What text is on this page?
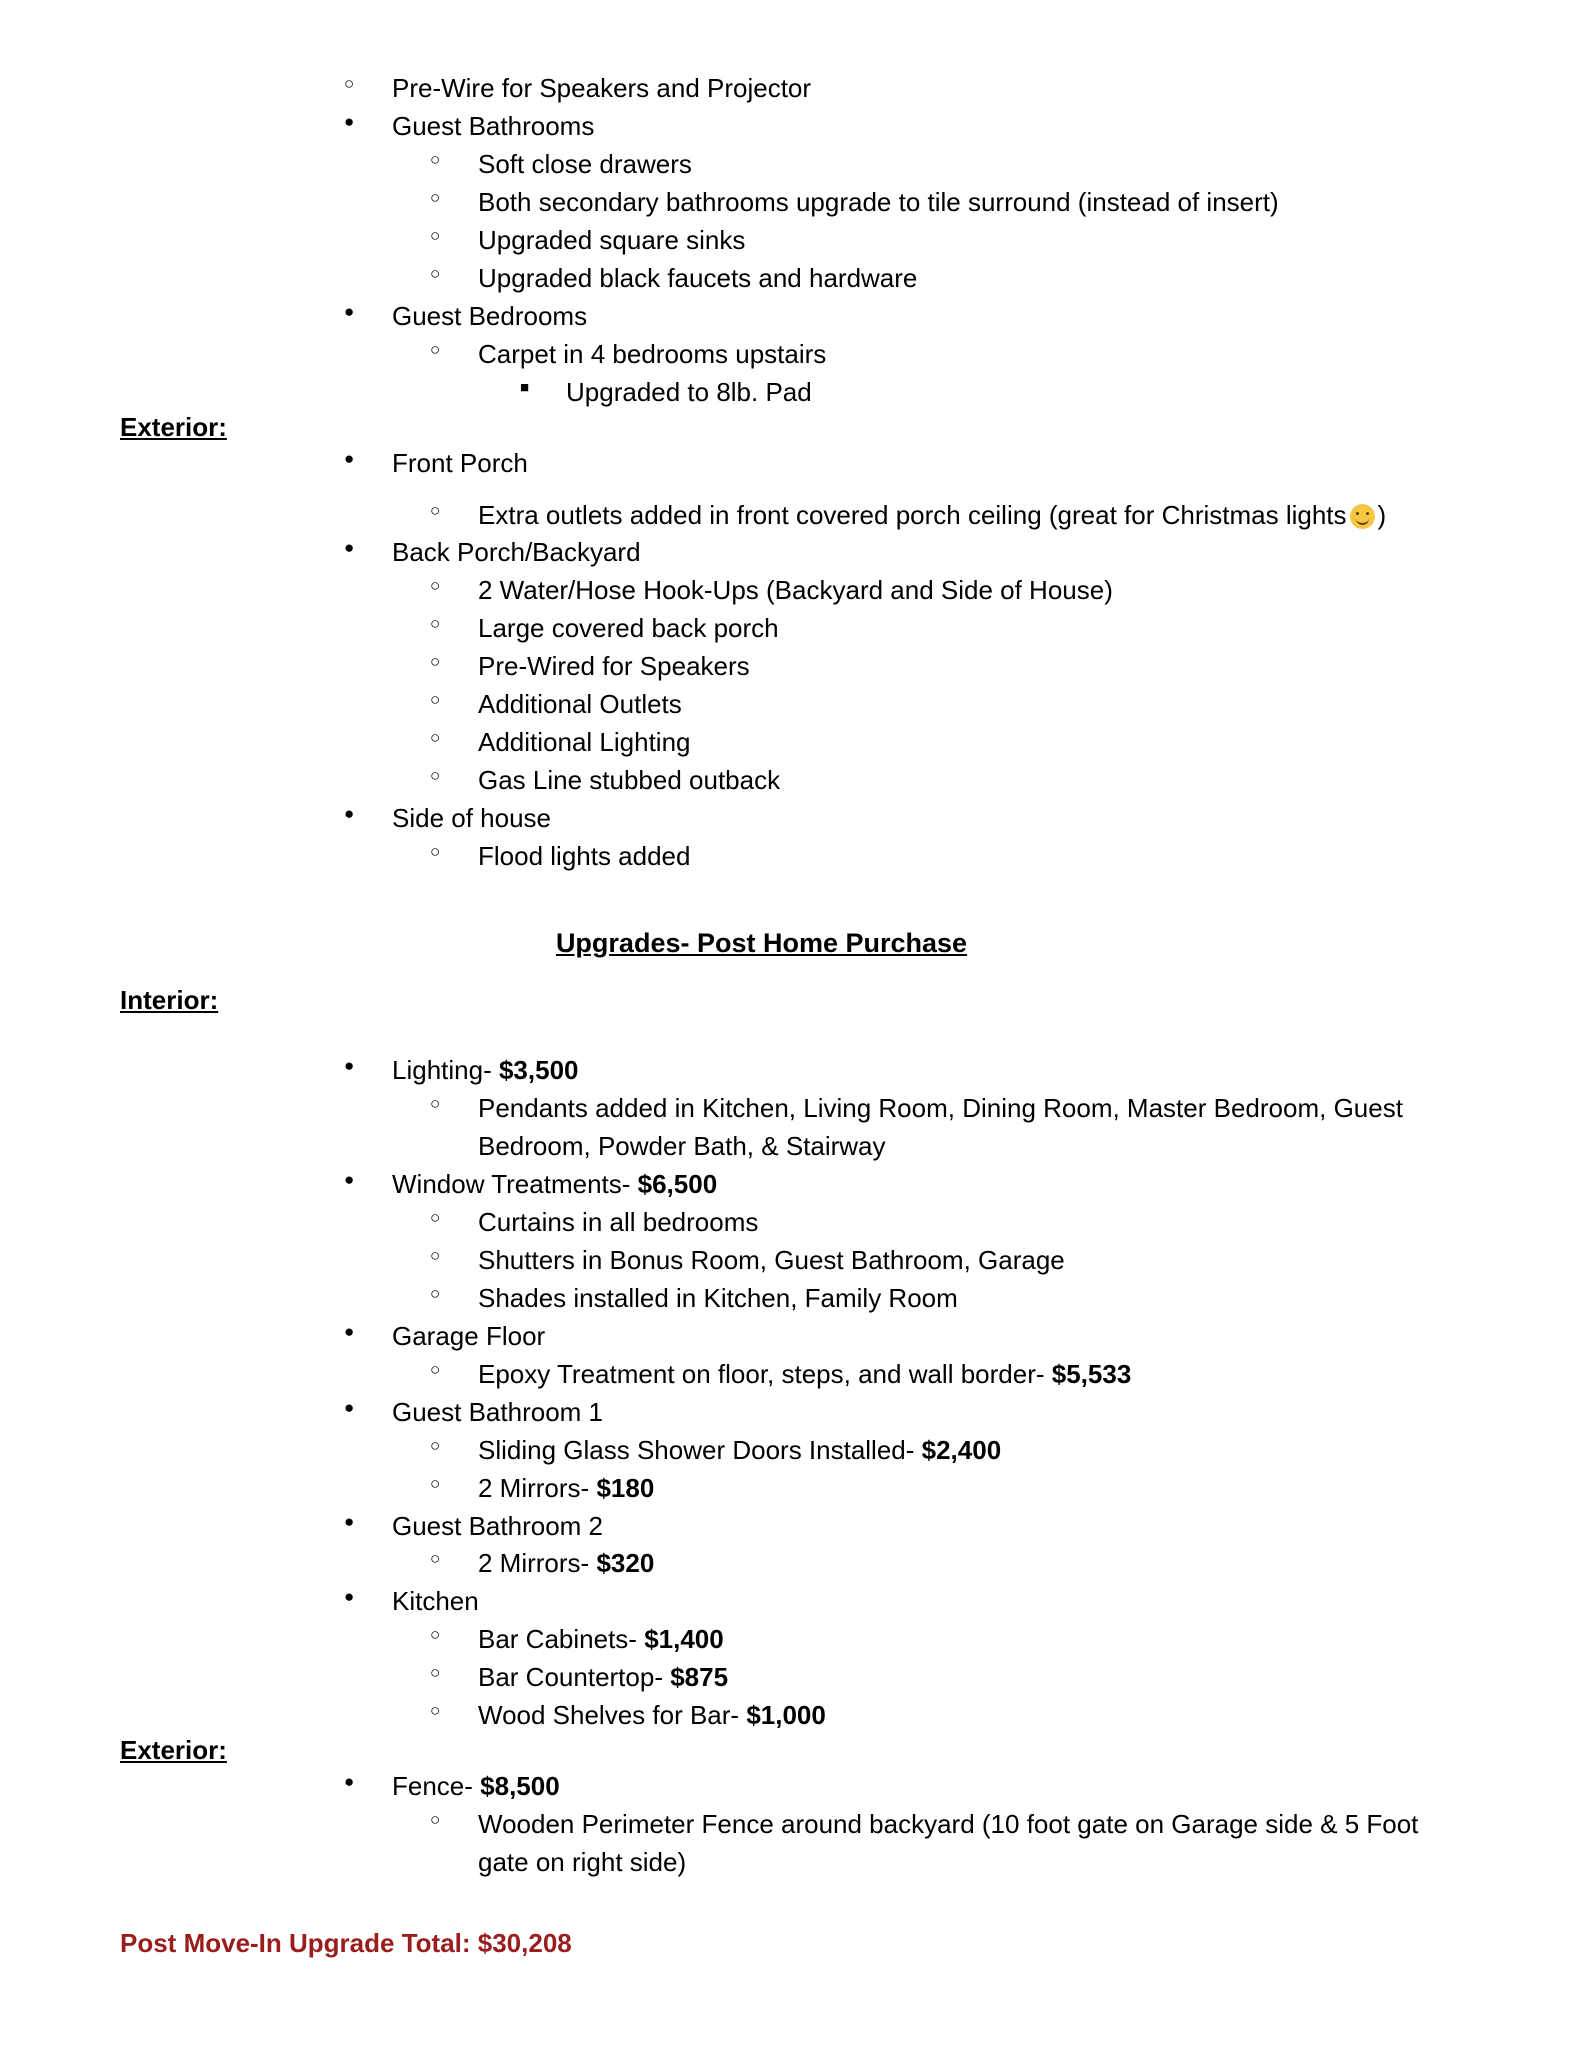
○ Pre-Wire for Speakers and Projector
● Guest Bathrooms
○ Soft close drawers
○ Both secondary bathrooms upgrade to tile surround (instead of insert)
○ Upgraded square sinks
○ Upgraded black faucets and hardware
● Guest Bedrooms
○ Carpet in 4 bedrooms upstairs
■ Upgraded to 8lb. Pad
Exterior:
● Front Porch
○ Extra outlets added in front covered porch ceiling (great for Christmas lights )
● Back Porch/Backyard
○ 2 Water/Hose Hook-Ups (Backyard and Side of House)
○ Large covered back porch
○ Pre-Wired for Speakers
○ Additional Outlets
○ Additional Lighting
○ Gas Line stubbed outback
● Side of house
○ Flood lights added
Upgrades- Post Home Purchase
Interior:
● Lighting- $3,500
○ Pendants added in Kitchen, Living Room, Dining Room, Master Bedroom, Guest Bedroom, Powder Bath, & Stairway
● Window Treatments- $6,500
○ Curtains in all bedrooms
○ Shutters in Bonus Room, Guest Bathroom, Garage
○ Shades installed in Kitchen, Family Room
● Garage Floor
○ Epoxy Treatment on floor, steps, and wall border- $5,533
● Guest Bathroom 1
○ Sliding Glass Shower Doors Installed- $2,400
○ 2 Mirrors- $180
● Guest Bathroom 2
○ 2 Mirrors- $320
● Kitchen
○ Bar Cabinets- $1,400
○ Bar Countertop- $875
○ Wood Shelves for Bar- $1,000
Exterior:
● Fence- $8,500
○ Wooden Perimeter Fence around backyard (10 foot gate on Garage side & 5 Foot gate on right side)
Post Move-In Upgrade Total: $30,208
